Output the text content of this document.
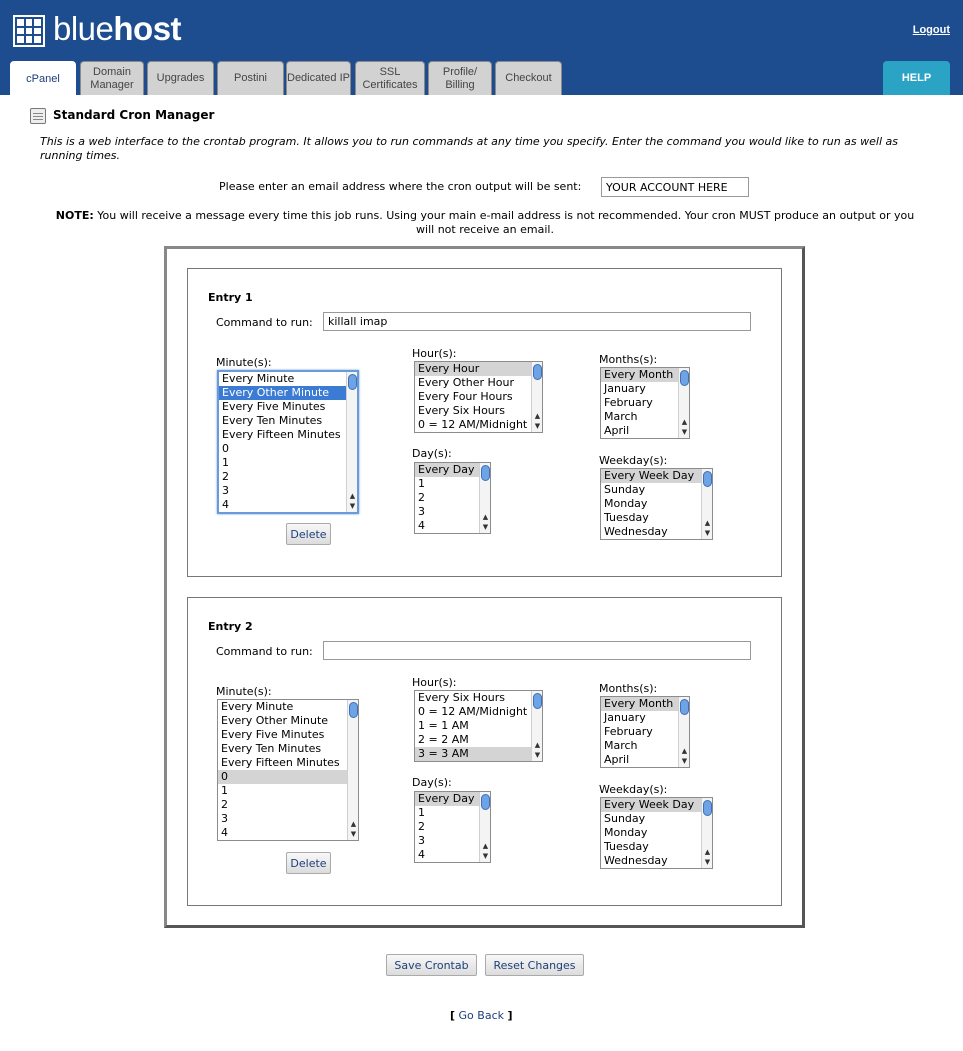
bluehost	Logout
cPanel
Domain Manager
Upgrades	Postini	Dedicated IP
SSL Certificates
Profile/ Billing
Checkout	HELP
Standard Cron Manager
This is a web interface to the crontab program. It allows you to run commands at any time you specify. Enter the command you would like to run as well as running times.
Please enter an email address where the cron output will be sent:
YOUR ACCOUNT HERE
NOTE: You will receive a message every time this job runs. Using your main e-mail address is not recommended. Your cron MUST produce an output or you will not receive an email.
Entry 1
Command to run:
killall imap
Minute(s):
Hour(s):
Day(s):
Months(s):
Weekday(s):
Every Minute
Every Other Minute
Every Five Minutes
Every Ten Minutes
Every Fifteen Minutes
0
1
2
3
4
▲
▼
Every Hour
Every Other Hour
Every Four Hours
Every Six Hours
0 = 12 AM/Midnight
▲
▼
Every Day
1
2
3
4
▲
▼
Every Month
January
February
March
April
▲
▼
Every Week Day
Sunday
Monday
Tuesday
Wednesday
▲
▼
Delete
Entry 2
Command to run:
Minute(s):
Hour(s):
Day(s):
Months(s):
Weekday(s):
Every Minute
Every Other Minute
Every Five Minutes
Every Ten Minutes
Every Fifteen Minutes
0
1
2
3
4
▲
▼
Every Six Hours
0 = 12 AM/Midnight
1 = 1 AM
2 = 2 AM
3 = 3 AM
▲
▼
Every Day
1
2
3
4
▲
▼
Every Month
January
February
March
April
▲
▼
Every Week Day
Sunday
Monday
Tuesday
Wednesday
▲
▼
Delete
Save Crontab	Reset Changes
[ Go Back ]
